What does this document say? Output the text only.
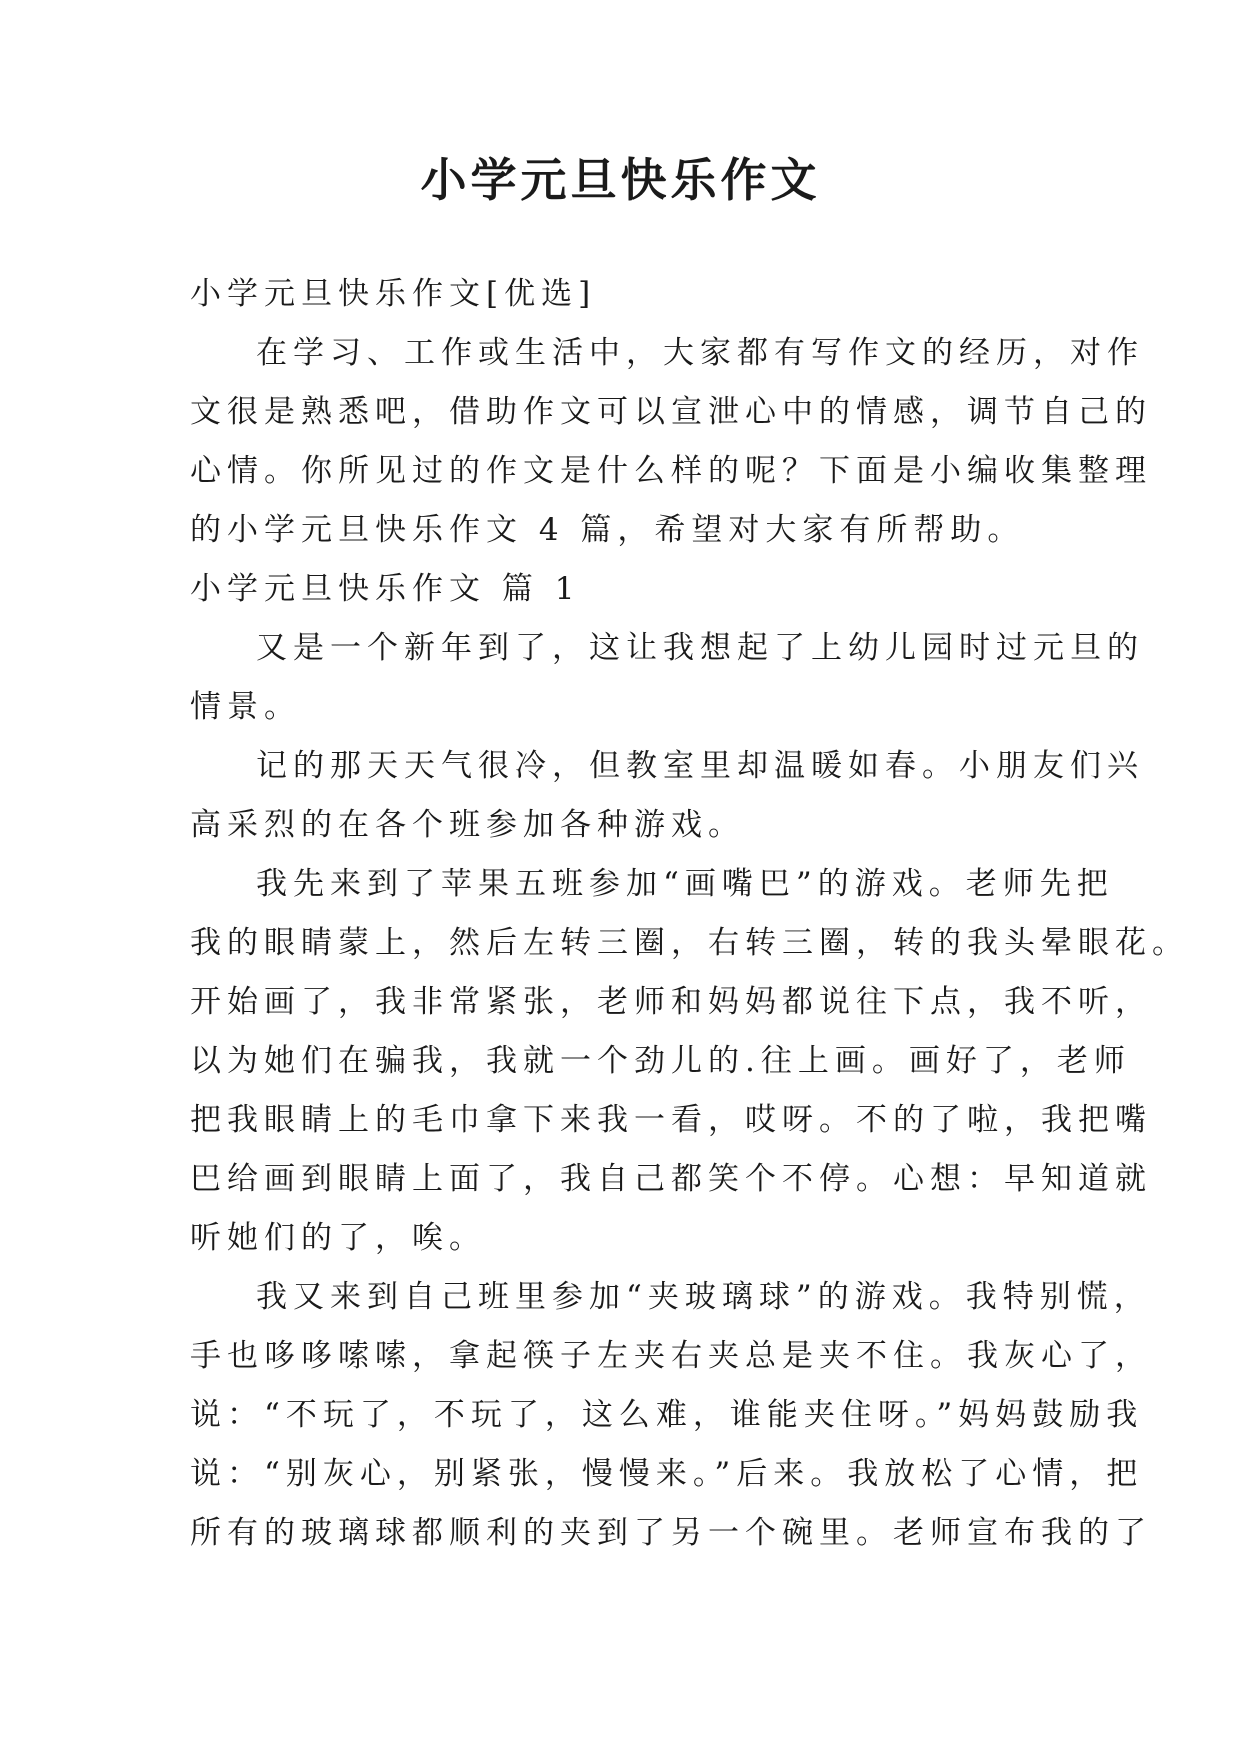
小学元旦快乐作文
小学元旦快乐作文[优选]
在学习、工作或生活中，大家都有写作文的经历，对作
文很是熟悉吧，借助作文可以宣泄心中的情感，调节自己的
心情。你所见过的作文是什么样的呢？下面是小编收集整理
的小学元旦快乐作文 4 篇，希望对大家有所帮助。
小学元旦快乐作文 篇 1
又是一个新年到了，这让我想起了上幼儿园时过元旦的
情景。
记的那天天气很冷，但教室里却温暖如春。小朋友们兴
高采烈的在各个班参加各种游戏。
我先来到了苹果五班参加“画嘴巴”的游戏。老师先把
我的眼睛蒙上，然后左转三圈，右转三圈，转的我头晕眼花。
开始画了，我非常紧张，老师和妈妈都说往下点，我不听，
以为她们在骗我，我就一个劲儿的.往上画。画好了，老师
把我眼睛上的毛巾拿下来我一看，哎呀。不的了啦，我把嘴
巴给画到眼睛上面了，我自己都笑个不停。心想：早知道就
听她们的了，唉。
我又来到自己班里参加“夹玻璃球”的游戏。我特别慌，
手也哆哆嗦嗦，拿起筷子左夹右夹总是夹不住。我灰心了，
说：“不玩了，不玩了，这么难，谁能夹住呀。”妈妈鼓励我
说：“别灰心，别紧张，慢慢来。”后来。我放松了心情，把
所有的玻璃球都顺利的夹到了另一个碗里。老师宣布我的了
